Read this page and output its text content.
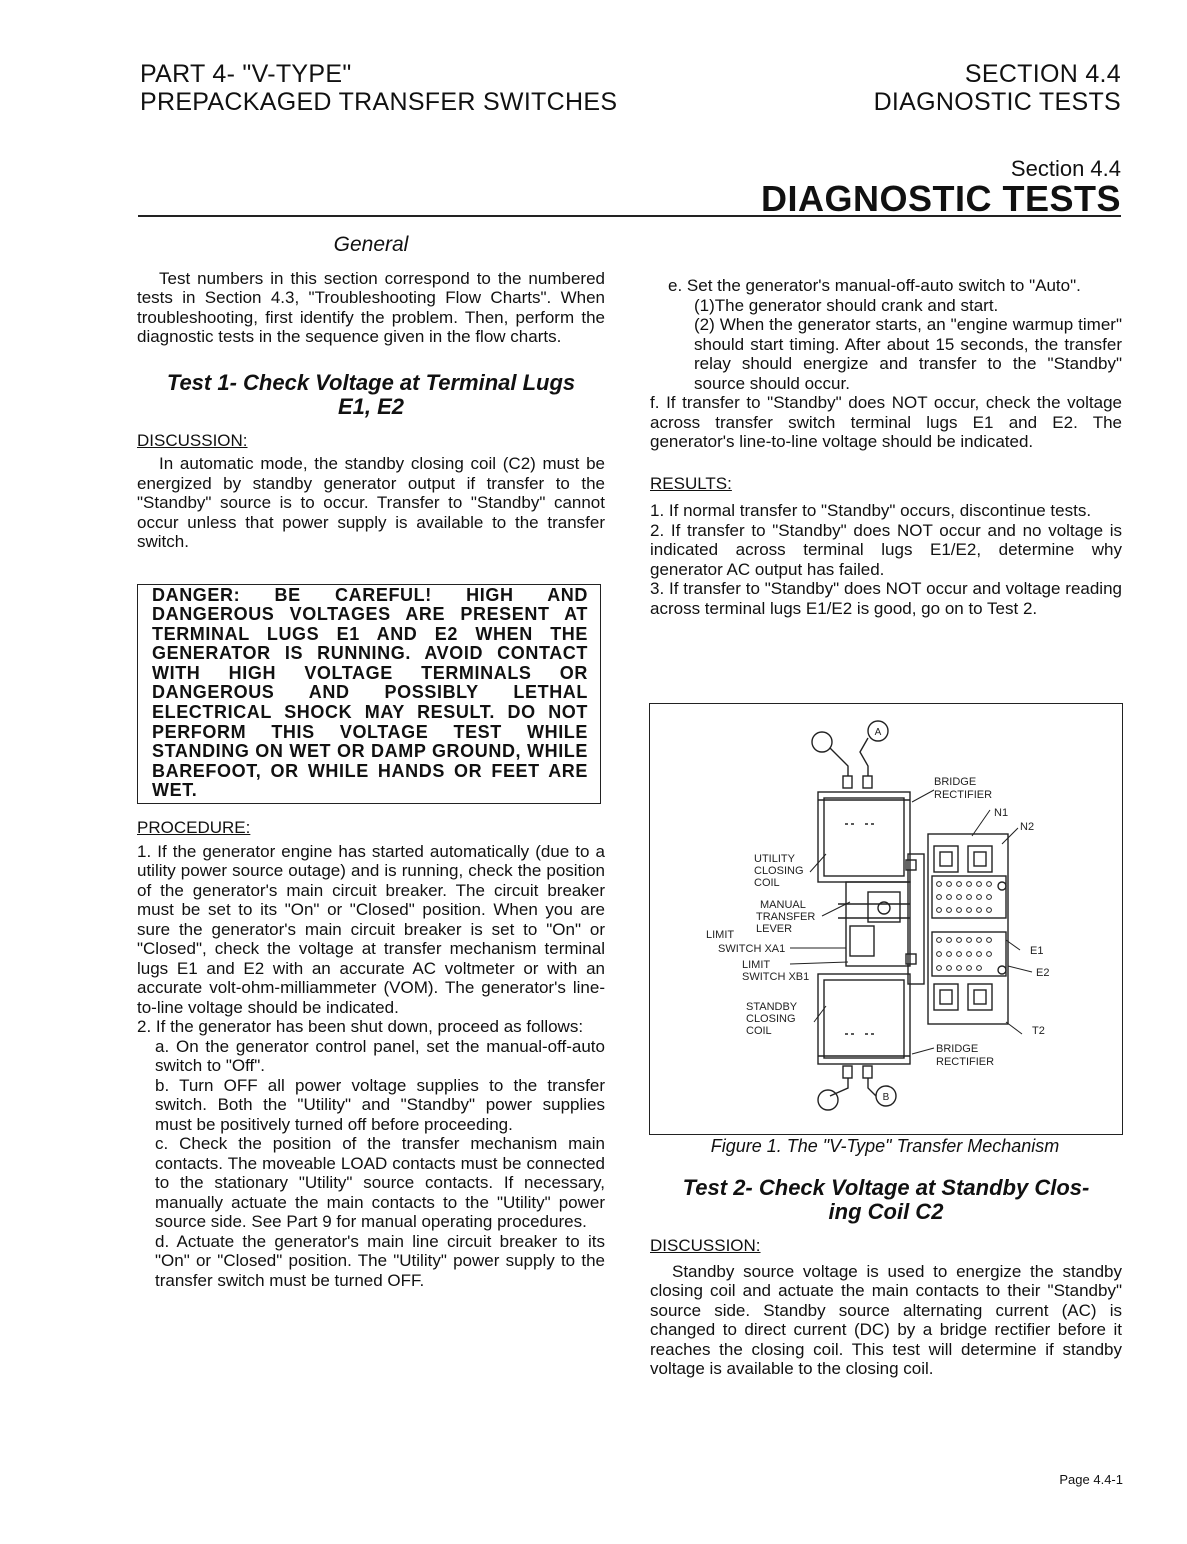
PART 4- "V-TYPE"
PREPACKAGED TRANSFER SWITCHES
SECTION 4.4
DIAGNOSTIC TESTS
Section 4.4
DIAGNOSTIC TESTS

General

Test numbers in this section correspond to the numbered tests in Section 4.3, "Troubleshooting Flow Charts". When troubleshooting, first identify the problem. Then, perform the diagnostic tests in the sequence given in the flow charts.

Test 1- Check Voltage at Terminal Lugs
E1, E2

DISCUSSION:

In automatic mode, the standby closing coil (C2) must be energized by standby generator output if transfer to the "Standby" source is to occur. Transfer to "Standby" cannot occur unless that power supply is available to the transfer switch.

DANGER: BE CAREFUL! HIGH AND DANGEROUS VOLTAGES ARE PRESENT AT TERMINAL LUGS E1 AND E2 WHEN THE GENERATOR IS RUNNING. AVOID CONTACT WITH HIGH VOLTAGE TERMINALS OR DANGEROUS AND POSSIBLY LETHAL ELECTRICAL SHOCK MAY RESULT. DO NOT PERFORM THIS VOLTAGE TEST WHILE STANDING ON WET OR DAMP GROUND, WHILE BAREFOOT, OR WHILE HANDS OR FEET ARE WET.

PROCEDURE:

1. If the generator engine has started automatically (due to a utility power source outage) and is running, check the position of the generator's main circuit breaker. The circuit breaker must be set to its "On" or "Closed" position. When you are sure the generator's main circuit breaker is set to "On" or "Closed", check the voltage at transfer mechanism terminal lugs E1 and E2 with an accurate AC voltmeter or with an accurate volt-ohm-milliammeter (VOM). The generator's line-to-line voltage should be indicated.

2. If the generator has been shut down, proceed as follows:

a. On the generator control panel, set the manual-off-auto switch to "Off".

b. Turn OFF all power voltage supplies to the transfer switch. Both the "Utility" and "Standby" power supplies must be positively turned off before proceeding.

c. Check the position of the transfer mechanism main contacts. The moveable LOAD contacts must be connected to the stationary "Utility" source contacts. If necessary, manually actuate the main contacts to the "Utility" power source side. See Part 9 for manual operating procedures.

d. Actuate the generator's main line circuit breaker to its "On" or "Closed" position. The "Utility" power supply to the transfer switch must be turned OFF.

e. Set the generator's manual-off-auto switch to "Auto".

(1)The generator should crank and start.

(2) When the generator starts, an "engine warmup timer" should start timing. After about 15 seconds, the transfer relay should energize and transfer to the "Standby" source should occur.

f. If transfer to "Standby" does NOT occur, check the voltage across transfer switch terminal lugs E1 and E2. The generator's line-to-line voltage should be indicated.

RESULTS:

1. If normal transfer to "Standby" occurs, discontinue tests.

2. If transfer to "Standby" does NOT occur and no voltage is indicated across terminal lugs E1/E2, determine why generator AC output has failed.

3. If transfer to "Standby" does NOT occur and voltage reading across terminal lugs E1/E2 is good, go on to Test 2.

A
B
BRIDGE
RECTIFIER
N1
N2
UTILITY
CLOSING
COIL
MANUAL
TRANSFER
LEVER
LIMIT
SWITCH XA1
LIMIT
SWITCH XB1
E1
E2
STANDBY
CLOSING
COIL	T2
BRIDGE
RECTIFIER
Figure 1. The "V-Type" Transfer Mechanism
Test 2- Check Voltage at Standby Clos-
ing Coil C2

DISCUSSION:

Standby source voltage is used to energize the standby closing coil and actuate the main contacts to their "Standby" source side. Standby source alternating current (AC) is changed to direct current (DC) by a bridge rectifier before it reaches the closing coil. This test will determine if standby voltage is available to the closing coil.

Page 4.4-1
